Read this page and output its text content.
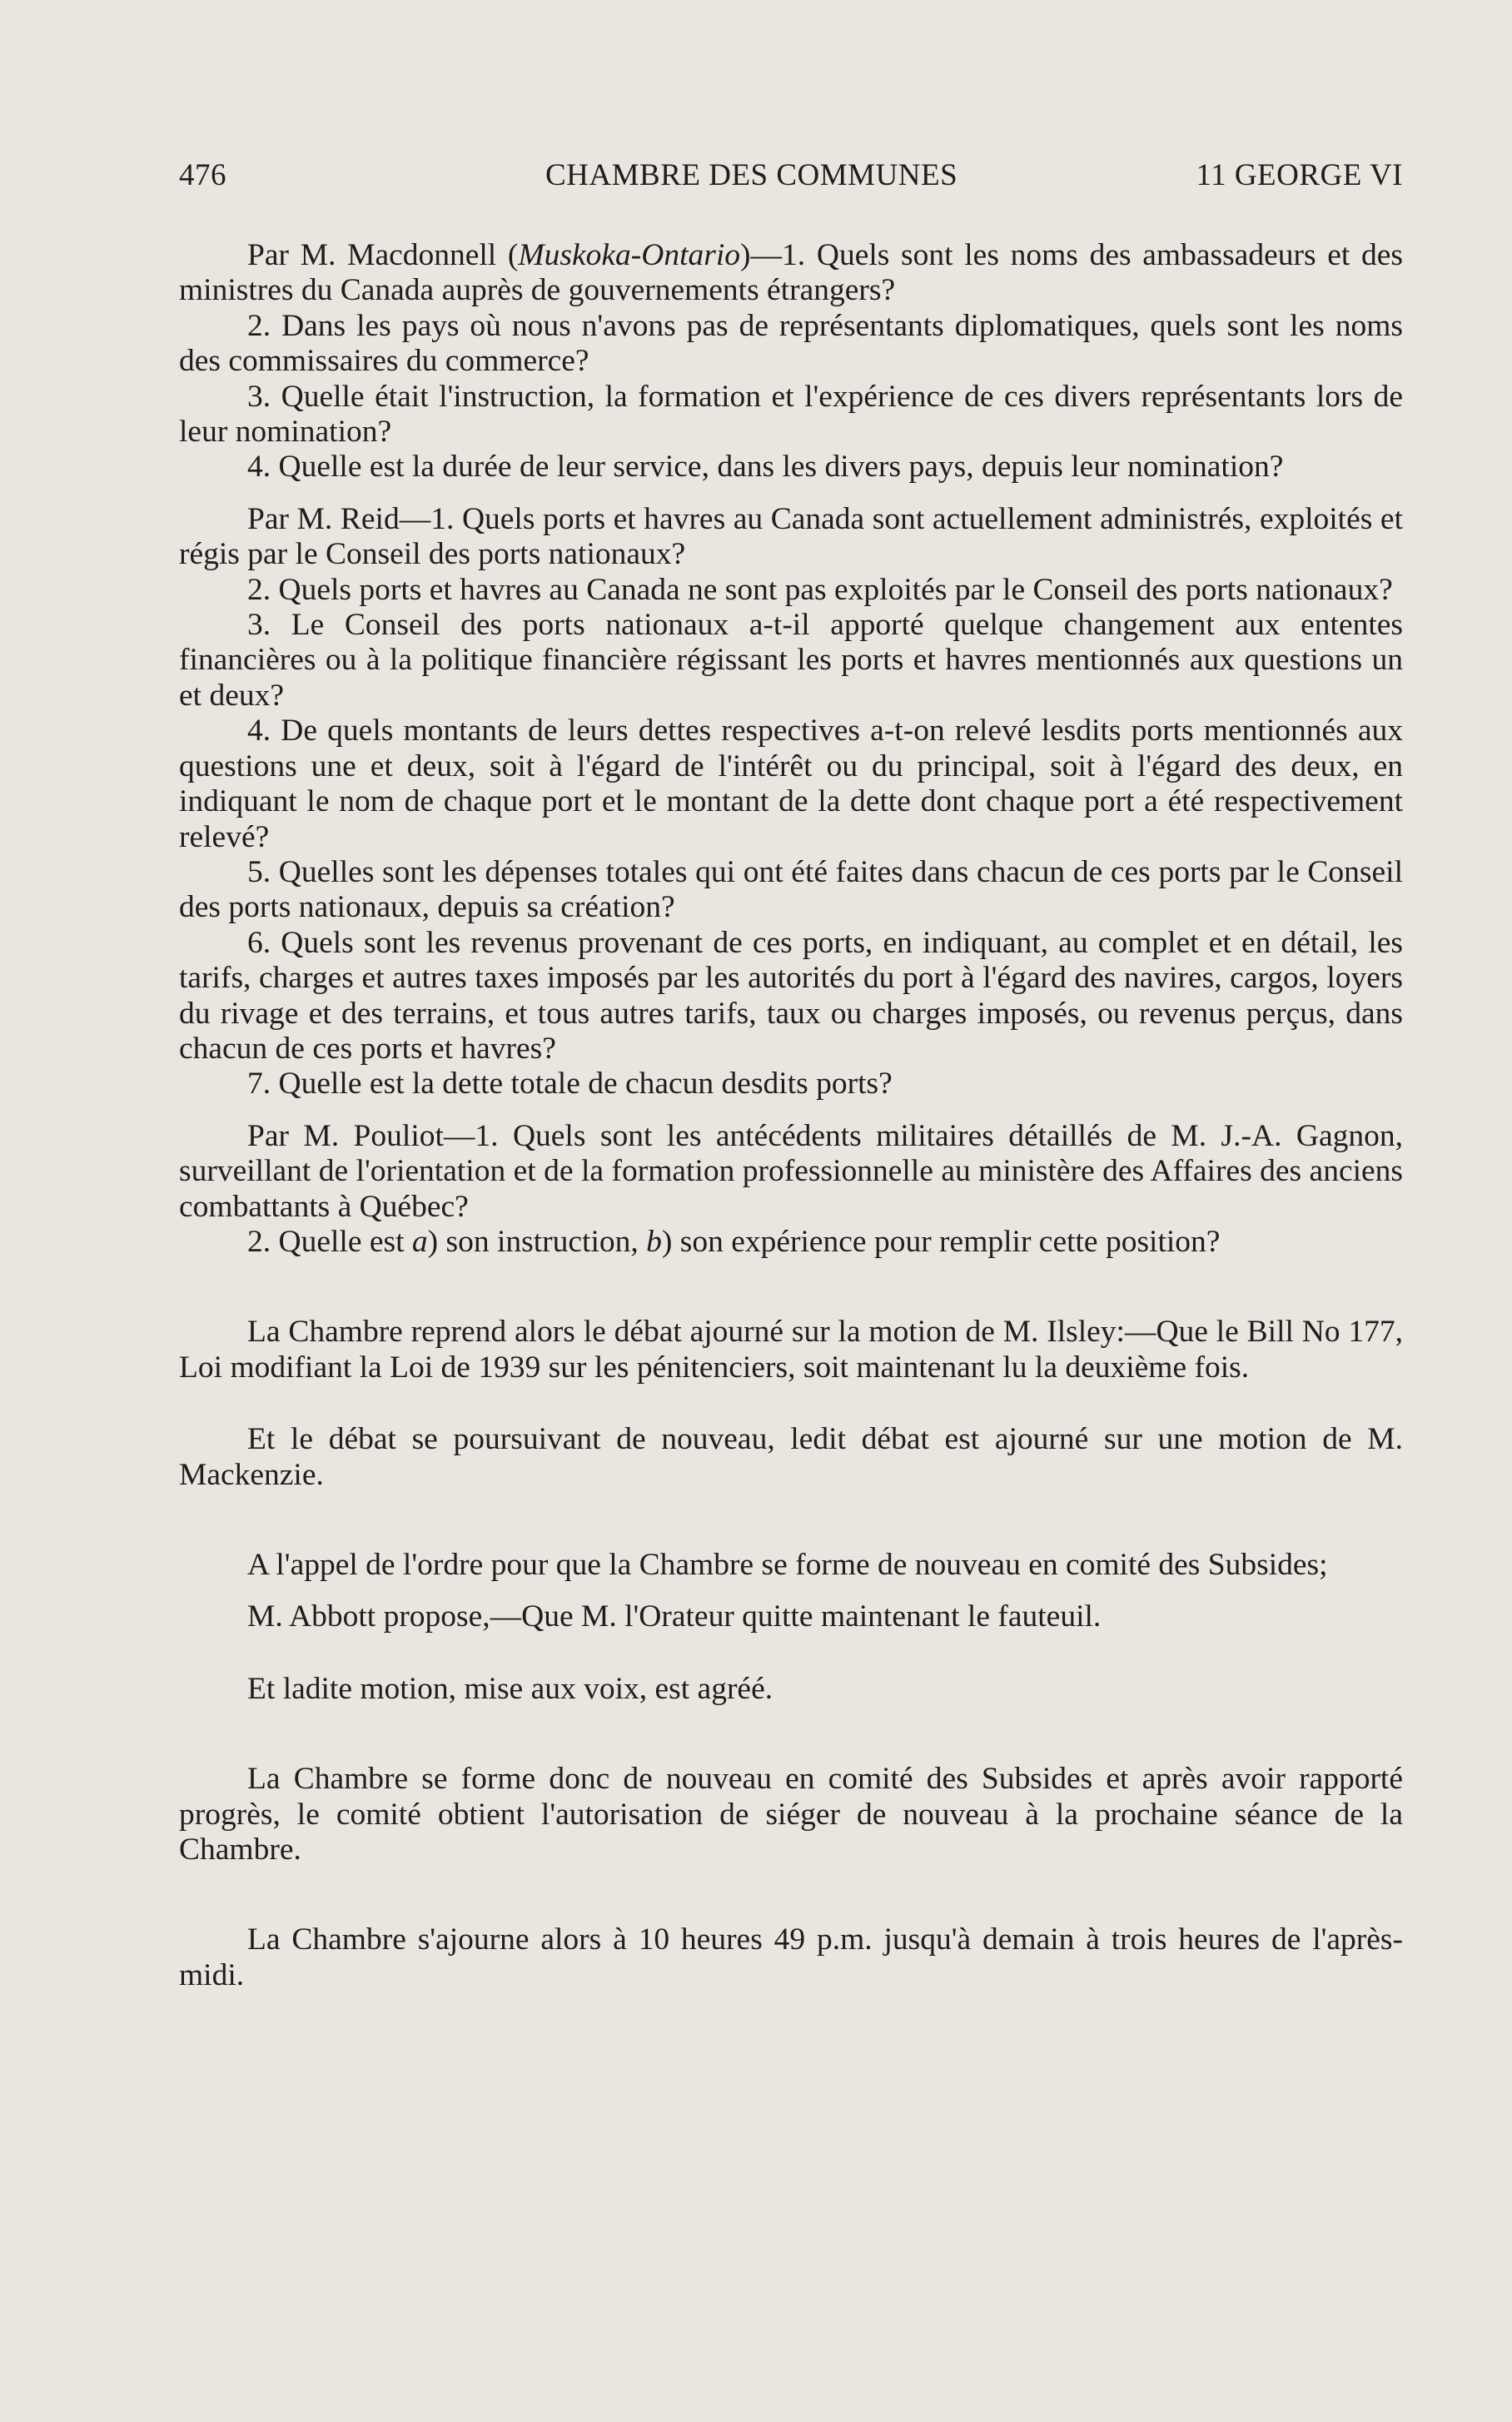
476	CHAMBRE DES COMMUNES	11 GEORGE VI

Par M. Macdonnell (Muskoka-Ontario)—1. Quels sont les noms des ambassadeurs et des ministres du Canada auprès de gouvernements étrangers?

2. Dans les pays où nous n'avons pas de représentants diplomatiques, quels sont les noms des commissaires du commerce?

3. Quelle était l'instruction, la formation et l'expérience de ces divers représentants lors de leur nomination?

4. Quelle est la durée de leur service, dans les divers pays, depuis leur nomination?

Par M. Reid—1. Quels ports et havres au Canada sont actuellement administrés, exploités et régis par le Conseil des ports nationaux?

2. Quels ports et havres au Canada ne sont pas exploités par le Conseil des ports nationaux?

3. Le Conseil des ports nationaux a-t-il apporté quelque changement aux ententes financières ou à la politique financière régissant les ports et havres mentionnés aux questions un et deux?

4. De quels montants de leurs dettes respectives a-t-on relevé lesdits ports mentionnés aux questions une et deux, soit à l'égard de l'intérêt ou du principal, soit à l'égard des deux, en indiquant le nom de chaque port et le montant de la dette dont chaque port a été respectivement relevé?

5. Quelles sont les dépenses totales qui ont été faites dans chacun de ces ports par le Conseil des ports nationaux, depuis sa création?

6. Quels sont les revenus provenant de ces ports, en indiquant, au complet et en détail, les tarifs, charges et autres taxes imposés par les autorités du port à l'égard des navires, cargos, loyers du rivage et des terrains, et tous autres tarifs, taux ou charges imposés, ou revenus perçus, dans chacun de ces ports et havres?

7. Quelle est la dette totale de chacun desdits ports?

Par M. Pouliot—1. Quels sont les antécédents militaires détaillés de M. J.-A. Gagnon, surveillant de l'orientation et de la formation professionnelle au ministère des Affaires des anciens combattants à Québec?

2. Quelle est a) son instruction, b) son expérience pour remplir cette position?

La Chambre reprend alors le débat ajourné sur la motion de M. Ilsley:—Que le Bill No 177, Loi modifiant la Loi de 1939 sur les pénitenciers, soit maintenant lu la deuxième fois.

Et le débat se poursuivant de nouveau, ledit débat est ajourné sur une motion de M. Mackenzie.

A l'appel de l'ordre pour que la Chambre se forme de nouveau en comité des Subsides;

M. Abbott propose,—Que M. l'Orateur quitte maintenant le fauteuil.

Et ladite motion, mise aux voix, est agréé.

La Chambre se forme donc de nouveau en comité des Subsides et après avoir rapporté progrès, le comité obtient l'autorisation de siéger de nouveau à la prochaine séance de la Chambre.

La Chambre s'ajourne alors à 10 heures 49 p.m. jusqu'à demain à trois heures de l'après-midi.
